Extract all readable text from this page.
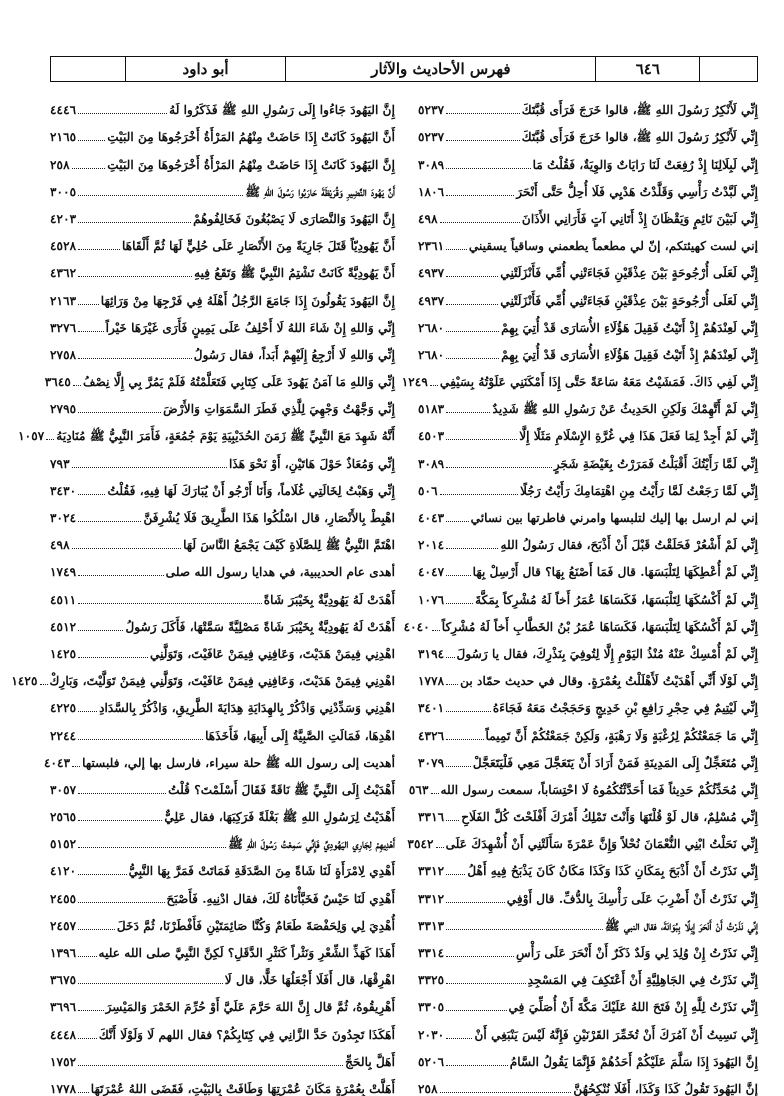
٦٤٦
فهرس الأحاديث والآثار
أبو داود
إِنِّي لَأَنْكِرُ رَسُولَ اللهِ ﷺ، قالوا خَرَجَ فَرَأَى قُبَّتَكَ
٥٢٣٧
إِنِّي لَأَنْكِرُ رَسُولَ اللهِ ﷺ، قالوا خَرَجَ فَرَأَى قُبَّتَكَ
٥٢٣٧
إِنِّي لَبِلَالِنَا إِذْ رُفِعَتْ لَنَا رَايَاتٌ وَالوِيَةٌ، فَقُلْتُ مَا
٣٠٨٩
إِنِّي لَبَّدْتُ رَأْسِي وَقَلَّدْتُ هَدْيِي فَلَا أُحِلُّ حَتَّى أَنْحَرَ
١٨٠٦
إِنِّي لَبَيْنَ نَائِمٍ وَيَقْظَانَ إِذْ أَتَانِي آتٍ فَأَرَانِي الأَذَانَ
٤٩٨
إني لست كهيئتكم، إنّ لي مطعماً يطعمني وساقياً يسقيني
٢٣٦١
إِنِّي لَعَلَى أُرْجُوحَةٍ بَيْنَ عِذْقَيْنِ فَجَاءَتْنِي أُمِّي فَأَنْزَلَتْنِي
٤٩٣٧
إِنِّي لَعَلَى أُرْجُوحَةٍ بَيْنَ عِذْقَيْنِ فَجَاءَتْنِي أُمِّي فَأَنْزَلَتْنِي
٤٩٣٧
إِنِّي لَعِنْدَهُمْ إِذْ أَتَيْتُ فَقِيلَ هَؤُلَاءِ الأُسَارَى قَدْ أُتِيَ بِهِمْ
٢٦٨٠
إِنِّي لَعِنْدَهُمْ إِذْ أَتَيْتُ فَقِيلَ هَؤُلَاءِ الأُسَارَى قَدْ أُتِيَ بِهِمْ
٢٦٨٠
إِنِّي لَفِي ذَاكَ. فَمَشَيْتُ مَعَهُ سَاعَةً حَتَّى إِذَا أَمْكَنَنِي عَلَوْتُهُ بِسَيْفِي
١٢٤٩
إِنِّي لَمْ أَتَّهِمْكَ وَلَكِنِ الحَدِيثُ عَنْ رَسُولِ اللهِ ﷺ شَدِيدٌ
٥١٨٣
إِنِّي لَمْ أَجِدْ لِمَا فَعَلَ هَذَا فِي غُرَّةِ الإِسْلَامِ مَثَلًا إِلَّا
٤٥٠٣
إِنِّي لَمَّا رَأَيْتُكَ أَقْبَلْتُ فَمَرَرْتُ بِغَيْضَةِ شَجَرٍ
٣٠٨٩
إِنِّي لَمَّا رَجَعْتُ لَمَّا رَأَيْتُ مِنِ اهْتِمَامِكَ رَأَيْتُ رَجُلًا
٥٠٦
إني لم ارسل بها إليك لتلبسها وامرني فاطرتها بين نسائي
٤٠٤٣
إِنِّي لَمْ أَشْعُرْ فَحَلَقْتُ قَبْلَ أَنْ أَذْبَحَ، فقال رَسُولُ اللهِ
٢٠١٤
إِنِّي لَمْ أُعْطِكَهَا لِتَلْبَسَهَا. قال فَمَا أَصْنَعُ بِهَا؟ قال أَرْسِلْ بِهَا
٤٠٤٧
إِنِّي لَمْ أَكْسُكَهَا لِتَلْبَسَهَا، فَكَسَاهَا عُمَرُ أَخاً لَهُ مُشْرِكاً بِمَكَّةَ
١٠٧٦
إِنِّي لَمْ أَكْسُكَهَا لِتَلْبَسَهَا، فَكَسَاهَا عُمَرُ بْنُ الخَطَّابِ أَخاً لَهُ مُشْرِكاً
٤٠٤٠
إِنِّي لَمْ أُمْسِكْ عَنْهُ مُنْذُ اليَوْمِ إِلَّا لِتُوفِيَ بِنَذْرِكَ، فقال يا رَسُولَ
٣١٩٤
إِنِّي لَوْلَا أَنِّي أَهْدَيْتُ لَأَهْلَلْتُ بِعُمْرَةٍ. وقال في حديث حمّاد بن
١٧٧٨
إِنِّي لَيْتِيمٌ فِي حِجْرِ رَافِعِ بْنِ خَدِيجٍ وَحَجَجْتُ مَعَهُ فَجَاءَهُ
٣٤٠١
إِنِّي مَا جَمَعْتُكُمْ لِرُغْبَةٍ وَلَا رَهْبَةٍ، وَلَكِنْ جَمَعْتُكُمْ أَنَّ تَمِيماً
٤٣٢٦
إِنِّي مُتَعَجِّلٌ إِلَى المَدِينَةِ فَمَنْ أَرَادَ أَنْ يَتَعَجَّلَ مَعِي فَلْيَتَعَجَّلْ
٣٠٧٩
إِنِّي مُحَدِّثُكُمْ حَدِيثاً فَمَا أَحَدَّثْتُكُمُوهُ لَا احْتِسَاباً، سمعت رسول الله
٥٦٣
إِنِّي مُسْلِمٌ، قال لَوْ قُلْتَهَا وَأَنْتَ تَمْلِكُ أَمْرَكَ أَفْلَحْتَ كُلَّ الفَلَاحِ
٣٣١٦
إِنِّي نَحَلْتُ ابْنِي النُّعْمَانَ نُحْلاً وَإِنَّ عَمْرَةَ سَأَلَتْنِي أَنْ أُشْهِدَكَ عَلَى
٣٥٤٢
إِنِّي نَذَرْتُ أَنْ أَذْبَحَ بِمَكَانِ كَذَا وَكَذَا مَكَانٌ كَانَ يَذْبَحُ فِيهِ أَهْلُ
٣٣١٢
إِنِّي نَذَرْتُ أَنْ أَضْرِبَ عَلَى رَأْسِكَ بِالدُّفِّ. قال أَوْفِي
٣٣١٢
إِنِّي نَذَرْتُ أَنْ أَنْحَرَ إِبِلًا بِبُوَانَةَ، فقال النبي ﷺ
٣٣١٣
إِنِّي نَذَرْتُ إِنْ وُلِدَ لِي وَلَدٌ ذَكَرٌ أَنْ أَنْحَرَ عَلَى رَأْسِ
٣٣١٤
إِنِّي نَذَرْتُ فِي الجَاهِلِيَّةِ أَنْ أَعْتَكِفَ فِي المَسْجِدِ
٣٣٢٥
إِنِّي نَذَرْتُ لِلَّهِ إِنْ فَتَحَ اللهُ عَلَيْكَ مَكَّةَ أَنْ أُصَلِّيَ فِي
٣٣٠٥
إِنِّي نَسِيتُ أَنْ آمُرَكَ أَنْ تُخَمِّرَ القَرْنَيْنِ فَإِنَّهُ لَيْسَ يَنْبَغِي أَنْ
٢٠٣٠
إِنَّ اليَهُودَ إِذَا سَلَّمَ عَلَيْكُمْ أَحَدُهُمْ فَإِنَّمَا يَقُولُ السَّامُ
٥٢٠٦
إِنَّ اليَهُودَ تَقُولُ كَذَا وَكَذَا، أَفَلَا نُنْكِحُهُنَّ
٢٥٨
إِنَّ اليَهُودَ جَاءُوا إِلَى رَسُولِ اللهِ ﷺ فَذَكَرُوا لَهُ
٤٤٤٦
أَنَّ اليَهُودَ كَانَتْ إِذَا حَاضَتْ مِنْهُمُ المَرْأَةُ أَخْرَجُوهَا مِنَ البَيْتِ
٢١٦٥
إِنَّ اليَهُودَ كَانَتْ إِذَا حَاضَتْ مِنْهُمُ المَرْأَةُ أَخْرَجُوهَا مِنَ البَيْتِ
٢٥٨
أَنَّ يَهُودَ النَّضِيرِ وَقُرَيْظَةَ حَارَبُوا رَسُولَ اللهِ ﷺ
٣٠٠٥
إِنَّ اليَهُودَ وَالنَّصَارَى لَا يَصْبُغُونَ فَخَالِفُوهُمْ
٤٢٠٣
أَنَّ يَهُودِيّاً قَتَلَ جَارِيَةً مِنَ الأَنْصَارِ عَلَى حُلِيٍّ لَهَا ثُمَّ أَلْقَاهَا
٤٥٢٨
أَنَّ يَهُودِيَّةً كَانَتْ تَشْتِمُ النَّبِيَّ ﷺ وَتَقَعُ فِيهِ
٤٣٦٢
إِنَّ اليَهُودَ يَقُولُونَ إِذَا جَامَعَ الرَّجُلُ أَهْلَهُ فِي فَرْجِهَا مِنْ وَرَائِهَا
٢١٦٣
إِنِّي وَاللهِ إِنْ شَاءَ اللهُ لَا أَحْلِفُ عَلَى يَمِينٍ فَأَرَى غَيْرَهَا خَيْراً
٣٢٧٦
إِنِّي وَاللهِ لَا أَرْجِعُ إِلَيْهِمْ أَبَداً، فقال رَسُولُ
٢٧٥٨
إِنِّي وَاللهِ مَا آمَنُ يَهُودَ عَلَى كِتَابِي فَتَعَلَّمْتُهُ فَلَمْ يَمُرَّ بِي إِلَّا نِصْفُ
٣٦٤٥
إِنِّي وَجَّهْتُ وَجْهِيَ لِلَّذِي فَطَرَ السَّمَوَاتِ وَالأَرْضَ
٢٧٩٥
أَنَّهُ شَهِدَ مَعَ النَّبِيِّ ﷺ زَمَنَ الحُدَيْبِيَةِ يَوْمَ جُمُعَةٍ، فَأَمَرَ النَّبِيُّ ﷺ مُنَادِيَهُ
١٠٥٧
إِنِّي وَمُعَاذٌ حَوْلَ هَاتَيْنِ، أَوْ نَحْوَ هَذَا
٧٩٣
إِنِّي وَهَبْتُ لِخَالَتِي غُلَاماً، وَأَنَا أَرْجُو أَنْ يُبَارَكَ لَهَا فِيهِ، فَقُلْتُ
٣٤٣٠
اهْبِطْ بِالأَنْصَارِ، قال اسْلُكُوا هَذَا الطَّرِيقَ فَلَا يُشْرِفَنَّ
٣٠٢٤
اهْتَمَّ النَّبِيُّ ﷺ لِلصَّلَاةِ كَيْفَ يَجْمَعُ النَّاسَ لَهَا
٤٩٨
أهدى عام الحديبية، في هدايا رسول الله صلى
١٧٤٩
أَهْدَتْ لَهُ يَهُودِيَّةٌ بِخَيْبَرَ شَاةً
٤٥١١
أَهْدَتْ لَهُ يَهُودِيَّةٌ بِخَيْبَرَ شَاةً مَصْلِيَّةً سَمَّتْهَا، فَأَكَلَ رَسُولُ
٤٥١٢
اهْدِنِي فِيمَنْ هَدَيْتَ، وَعَافِنِي فِيمَنْ عَافَيْتَ، وَتَوَلَّنِي
١٤٢٥
اهْدِنِي فِيمَنْ هَدَيْتَ، وَعَافِنِي فِيمَنْ عَافَيْتَ، وَتَوَلَّنِي فِيمَنْ تَوَلَّيْتَ، وَبَارِكْ
١٤٢٥
اهْدِنِي وَسَدِّدْنِي وَاذْكُرْ بِالهِدَايَةِ هِدَايَةَ الطَّرِيقِ، وَاذْكُرْ بِالسَّدَادِ
٤٢٢٥
اهْدِهَا، فَمَالَتِ الصَّبِيَّةُ إِلَى أَبِيهَا، فَأَخَذَهَا
٢٢٤٤
أهديت إلى رسول الله ﷺ حلة سيراء، فارسل بها إلي، فلبستها
٤٠٤٣
أَهْدَيْتُ إِلَى النَّبِيِّ ﷺ نَاقَةً فَقَالَ أَسْلَمْتَ؟ قُلْتُ
٣٠٥٧
أَهْدَيْتُ لِرَسُولِ اللهِ ﷺ بَغْلَةً فَرَكِبَهَا، فقال عَلِيٌّ
٢٥٦٥
أَهْدِيهِمْ لِجَارِي اليَهُودِيِّ فَإِنِّي سَمِعْتُ رَسُولَ اللهِ ﷺ
٥١٥٢
أَهْدِي لِامْرَأَةٍ لَنَا شَاةً مِنَ الصَّدَقَةِ فَمَاتَتْ فَمَرَّ بِهَا النَّبِيُّ
٤١٢٠
أَهْدِي لَنَا حَيْسٌ فَخَبَّأْنَاهُ لَكَ، فقال ادْنِيهِ. فَأَصْبَحَ
٢٤٥٥
أُهْدِيَ لِي وَلِحَفْصَةَ طَعَامٌ وَكُنَّا صَائِمَتَيْنِ فَأَفْطَرْنَا، ثُمَّ دَخَلَ
٢٤٥٧
أَهَذَا كَهَذِّ الشِّعْرِ وَنَثْراً كَنَثْرِ الدَّقَلِ؟ لَكِنَّ النَّبِيَّ صلى الله عليه
١٣٩٦
اهْرِقْهَا، قال أَفَلَا أَجْعَلُهَا خَلًّا، قال لَا
٣٦٧٥
أَهْرِيقُوهُ، ثُمَّ قال إِنَّ اللهَ حَرَّمَ عَلَيَّ أَوْ حُرِّمَ الخَمْرَ وَالمَيْسِرَ
٣٦٩٦
أَهَكَذَا تَجِدُونَ حَدَّ الزَّانِي فِي كِتَابِكُمْ؟ فقال اللهم لَا وَلَوْلَا أَنَّكَ
٤٤٤٨
أَهَلَّ بِالحَجِّ
١٧٥٢
أَهَلَّتْ بِعُمْرَةٍ مَكَانَ عُمْرَتِهَا وَطَافَتْ بِالبَيْتِ، فَقَضَى اللهُ عُمْرَتَهَا
١٧٧٨
